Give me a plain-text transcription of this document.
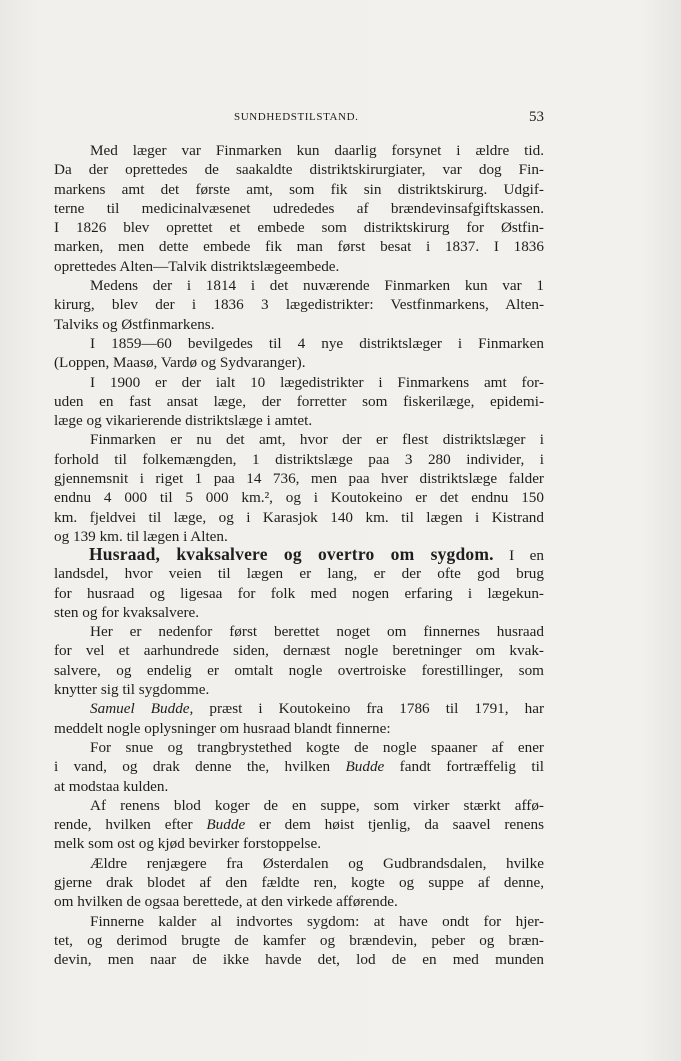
SUNDHEDSTILSTAND.	53
Med læger var Finmarken kun daarlig forsynet i ældre tid.
Da der oprettedes de saakaldte distriktskirurgiater, var dog Fin-
markens amt det første amt, som fik sin distriktskirurg. Udgif-
terne til medicinalvæsenet udrededes af brændevinsafgiftskassen.
I 1826 blev oprettet et embede som distriktskirurg for Østfin-
marken, men dette embede fik man først besat i 1837. I 1836
oprettedes Alten—Talvik distriktslægeembede.
Medens der i 1814 i det nuværende Finmarken kun var 1
kirurg, blev der i 1836 3 lægedistrikter: Vestfinmarkens, Alten-
Talviks og Østfinmarkens.
I 1859—60 bevilgedes til 4 nye distriktslæger i Finmarken
(Loppen, Maasø, Vardø og Sydvaranger).
I 1900 er der ialt 10 lægedistrikter i Finmarkens amt for-
uden en fast ansat læge, der forretter som fiskerilæge, epidemi-
læge og vikarierende distriktslæge i amtet.
Finmarken er nu det amt, hvor der er flest distriktslæger i
forhold til folkemængden, 1 distriktslæge paa 3 280 individer, i
gjennemsnit i riget 1 paa 14 736, men paa hver distriktslæge falder
endnu 4 000 til 5 000 km.², og i Koutokeino er det endnu 150
km. fjeldvei til læge, og i Karasjok 140 km. til lægen i Kistrand
og 139 km. til lægen i Alten.
Husraad, kvaksalvere og overtro om sygdom. I en
landsdel, hvor veien til lægen er lang, er der ofte god brug
for husraad og ligesaa for folk med nogen erfaring i lægekun-
sten og for kvaksalvere.
Her er nedenfor først berettet noget om finnernes husraad
for vel et aarhundrede siden, dernæst nogle beretninger om kvak-
salvere, og endelig er omtalt nogle overtroiske forestillinger, som
knytter sig til sygdomme.
Samuel Budde, præst i Koutokeino fra 1786 til 1791, har
meddelt nogle oplysninger om husraad blandt finnerne:
For snue og trangbrystethed kogte de nogle spaaner af ener
i vand, og drak denne the, hvilken Budde fandt fortræffelig til
at modstaa kulden.
Af renens blod koger de en suppe, som virker stærkt affø-
rende, hvilken efter Budde er dem høist tjenlig, da saavel renens
melk som ost og kjød bevirker forstoppelse.
Ældre renjægere fra Østerdalen og Gudbrandsdalen, hvilke
gjerne drak blodet af den fældte ren, kogte og suppe af denne,
om hvilken de ogsaa berettede, at den virkede afførende.
Finnerne kalder al indvortes sygdom: at have ondt for hjer-
tet, og derimod brugte de kamfer og brændevin, peber og bræn-
devin, men naar de ikke havde det, lod de en med munden
